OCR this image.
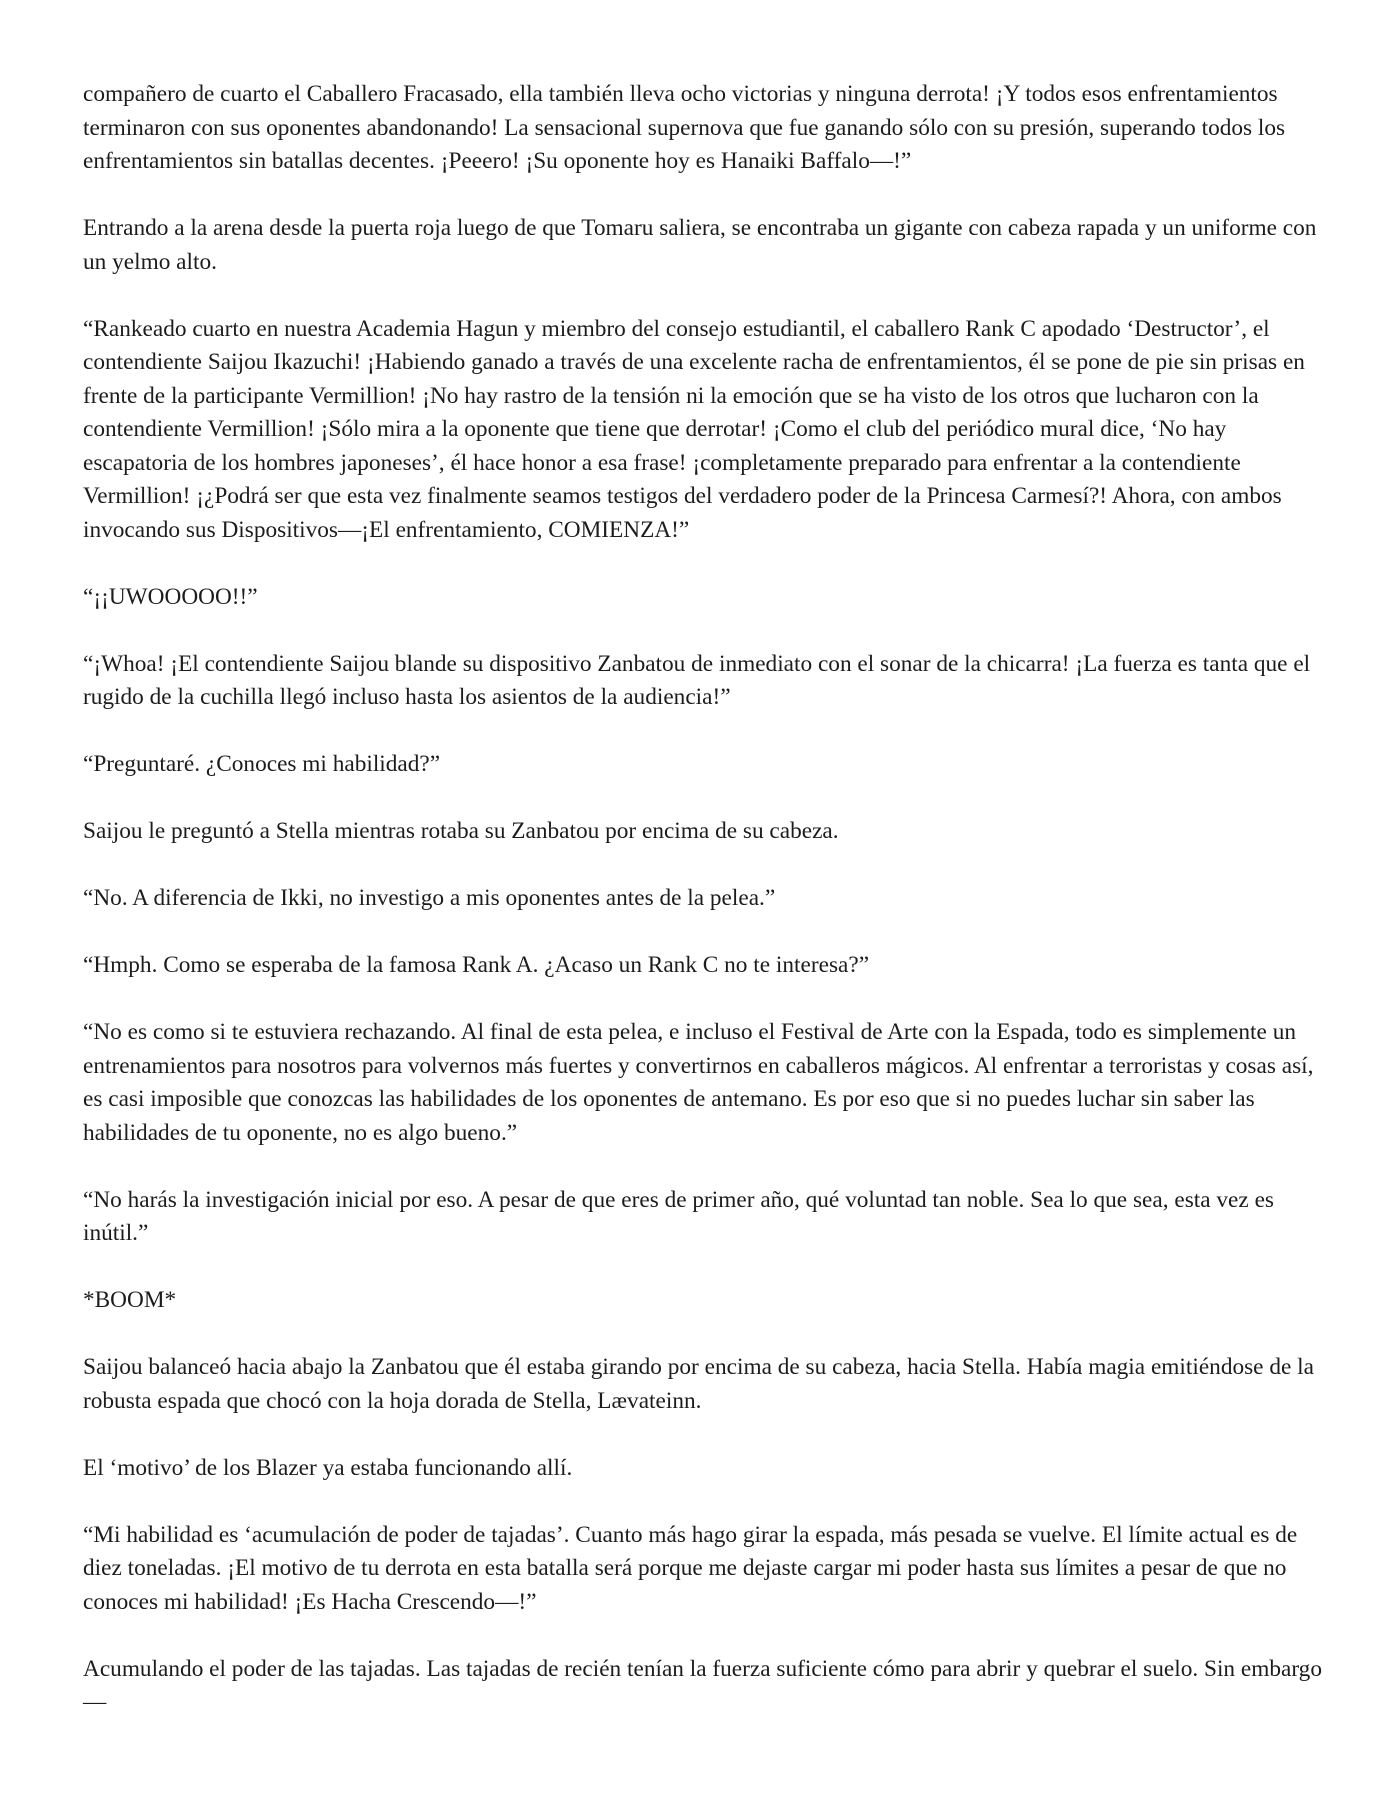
compañero de cuarto el Caballero Fracasado, ella también lleva ocho victorias y ninguna derrota! ¡Y todos esos enfrentamientos terminaron con sus oponentes abandonando! La sensacional supernova que fue ganando sólo con su presión, superando todos los enfrentamientos sin batallas decentes. ¡Peeero! ¡Su oponente hoy es Hanaiki Baffalo—!”

Entrando a la arena desde la puerta roja luego de que Tomaru saliera, se encontraba un gigante con cabeza rapada y un uniforme con un yelmo alto.

“Rankeado cuarto en nuestra Academia Hagun y miembro del consejo estudiantil, el caballero Rank C apodado ‘Destructor’, el contendiente Saijou Ikazuchi! ¡Habiendo ganado a través de una excelente racha de enfrentamientos, él se pone de pie sin prisas en frente de la participante Vermillion! ¡No hay rastro de la tensión ni la emoción que se ha visto de los otros que lucharon con la contendiente Vermillion! ¡Sólo mira a la oponente que tiene que derrotar! ¡Como el club del periódico mural dice, ‘No hay escapatoria de los hombres japoneses’, él hace honor a esa frase! ¡completamente preparado para enfrentar a la contendiente Vermillion! ¡¿Podrá ser que esta vez finalmente seamos testigos del verdadero poder de la Princesa Carmesí?! Ahora, con ambos invocando sus Dispositivos—¡El enfrentamiento, COMIENZA!”

“¡¡UWOOOOO!!”

“¡Whoa! ¡El contendiente Saijou blande su dispositivo Zanbatou de inmediato con el sonar de la chicarra! ¡La fuerza es tanta que el rugido de la cuchilla llegó incluso hasta los asientos de la audiencia!”

“Preguntaré. ¿Conoces mi habilidad?”

Saijou le preguntó a Stella mientras rotaba su Zanbatou por encima de su cabeza.

“No. A diferencia de Ikki, no investigo a mis oponentes antes de la pelea.”

“Hmph. Como se esperaba de la famosa Rank A. ¿Acaso un Rank C no te interesa?”

“No es como si te estuviera rechazando. Al final de esta pelea, e incluso el Festival de Arte con la Espada, todo es simplemente un entrenamientos para nosotros para volvernos más fuertes y convertirnos en caballeros mágicos. Al enfrentar a terroristas y cosas así, es casi imposible que conozcas las habilidades de los oponentes de antemano. Es por eso que si no puedes luchar sin saber las habilidades de tu oponente, no es algo bueno.”

“No harás la investigación inicial por eso. A pesar de que eres de primer año, qué voluntad tan noble. Sea lo que sea, esta vez es inútil.”

*BOOM*

Saijou balanceó hacia abajo la Zanbatou que él estaba girando por encima de su cabeza, hacia Stella. Había magia emitiéndose de la robusta espada que chocó con la hoja dorada de Stella, Lævateinn.

El ‘motivo’ de los Blazer ya estaba funcionando allí.

“Mi habilidad es ‘acumulación de poder de tajadas’. Cuanto más hago girar la espada, más pesada se vuelve. El límite actual es de diez toneladas. ¡El motivo de tu derrota en esta batalla será porque me dejaste cargar mi poder hasta sus límites a pesar de que no conoces mi habilidad! ¡Es Hacha Crescendo—!”

Acumulando el poder de las tajadas. Las tajadas de recién tenían la fuerza suficiente cómo para abrir y quebrar el suelo. Sin embargo—
